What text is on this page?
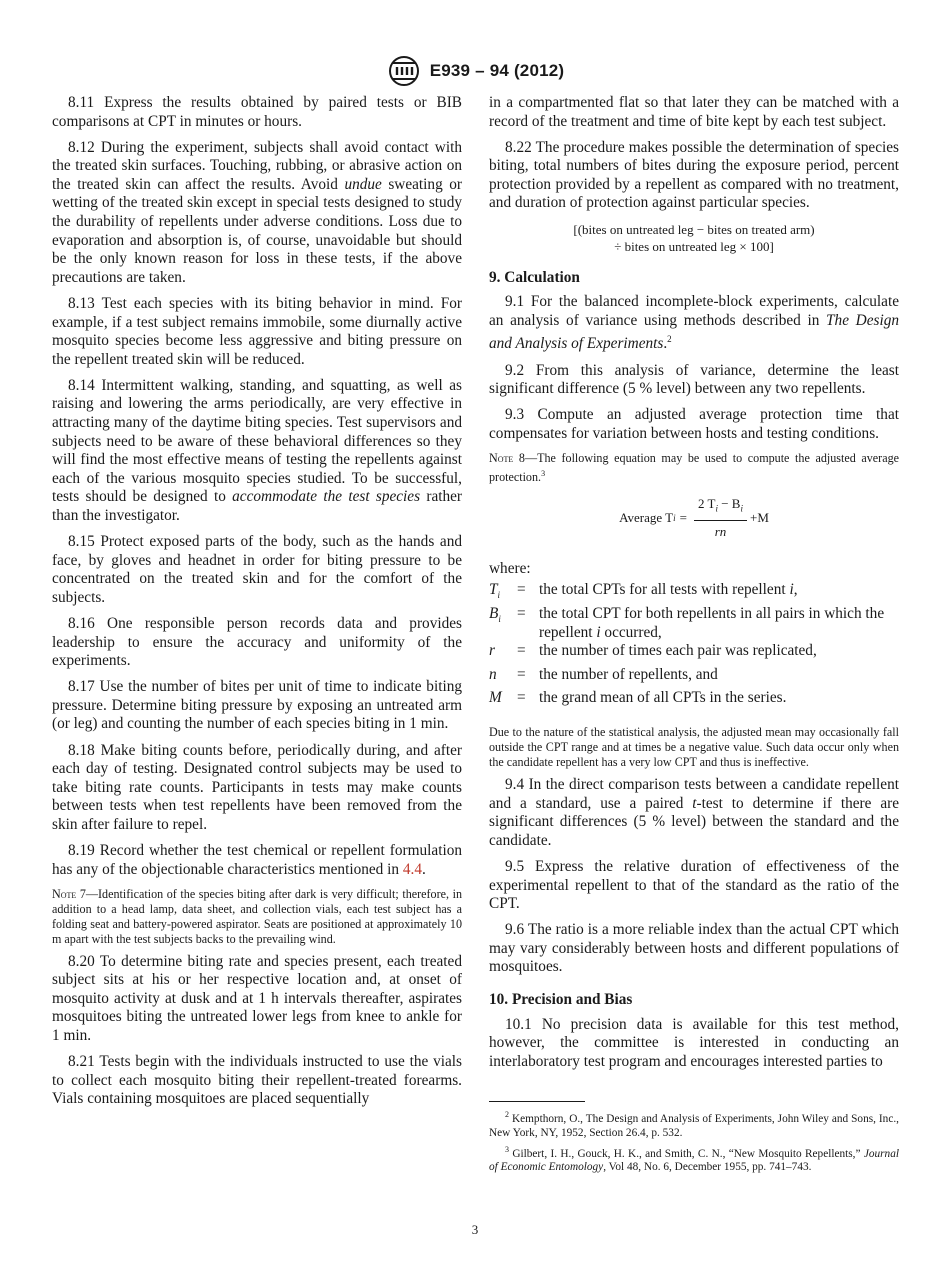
E939 – 94 (2012)

8.11 Express the results obtained by paired tests or BIB comparisons at CPT in minutes or hours.

8.12 During the experiment, subjects shall avoid contact with the treated skin surfaces. Touching, rubbing, or abrasive action on the treated skin can affect the results. Avoid undue sweating or wetting of the treated skin except in special tests designed to study the durability of repellents under adverse conditions. Loss due to evaporation and absorption is, of course, unavoidable but should be the only known reason for loss in these tests, if the above precautions are taken.

8.13 Test each species with its biting behavior in mind. For example, if a test subject remains immobile, some diurnally active mosquito species become less aggressive and biting pressure on the repellent treated skin will be reduced.

8.14 Intermittent walking, standing, and squatting, as well as raising and lowering the arms periodically, are very effective in attracting many of the daytime biting species. Test supervisors and subjects need to be aware of these behavioral differences so they will find the most effective means of testing the repellents against each of the various mosquito species studied. To be successful, tests should be designed to accommodate the test species rather than the investigator.

8.15 Protect exposed parts of the body, such as the hands and face, by gloves and headnet in order for biting pressure to be concentrated on the treated skin and for the comfort of the subjects.

8.16 One responsible person records data and provides leadership to ensure the accuracy and uniformity of the experiments.

8.17 Use the number of bites per unit of time to indicate biting pressure. Determine biting pressure by exposing an untreated arm (or leg) and counting the number of each species biting in 1 min.

8.18 Make biting counts before, periodically during, and after each day of testing. Designated control subjects may be used to take biting rate counts. Participants in tests may make counts between tests when test repellents have been removed from the skin after failure to repel.

8.19 Record whether the test chemical or repellent formulation has any of the objectionable characteristics mentioned in 4.4.

Note 7—Identification of the species biting after dark is very difficult; therefore, in addition to a head lamp, data sheet, and collection vials, each test subject has a folding seat and battery-powered aspirator. Seats are positioned at approximately 10 m apart with the test subjects backs to the prevailing wind.

8.20 To determine biting rate and species present, each treated subject sits at his or her respective location and, at onset of mosquito activity at dusk and at 1 h intervals thereafter, aspirates mosquitoes biting the untreated lower legs from knee to ankle for 1 min.

8.21 Tests begin with the individuals instructed to use the vials to collect each mosquito biting their repellent-treated forearms. Vials containing mosquitoes are placed sequentially

in a compartmented flat so that later they can be matched with a record of the treatment and time of bite kept by each test subject.

8.22 The procedure makes possible the determination of species biting, total numbers of bites during the exposure period, percent protection provided by a repellent as compared with no treatment, and duration of protection against particular species.

[(bites on untreated leg − bites on treated arm)
÷ bites on untreated leg × 100]
9. Calculation

9.1 For the balanced incomplete-block experiments, calculate an analysis of variance using methods described in The Design and Analysis of Experiments.$^2$

9.2 From this analysis of variance, determine the least significant difference (5 % level) between any two repellents.

9.3 Compute an adjusted average protection time that compensates for variation between hosts and testing conditions.

Note 8—The following equation may be used to compute the adjusted average protection.$^3$

Average T $i = \frac{2 T_i - B_i}{rn} +M$

where:

$T_i$	=	the total CPTs for all tests with repellent i,
$B_i$	=	the total CPT for both repellents in all pairs in which the repellent i occurred,
r	=	the number of times each pair was replicated,
n	=	the number of repellents, and
M	=	the grand mean of all CPTs in the series.

Due to the nature of the statistical analysis, the adjusted mean may occasionally fall outside the CPT range and at times be a negative value. Such data occur only when the candidate repellent has a very low CPT and thus is ineffective.

9.4 In the direct comparison tests between a candidate repellent and a standard, use a paired t-test to determine if there are significant differences (5 % level) between the standard and the candidate.

9.5 Express the relative duration of effectiveness of the experimental repellent to that of the standard as the ratio of the CPT.

9.6 The ratio is a more reliable index than the actual CPT which may vary considerably between hosts and different populations of mosquitoes.

10. Precision and Bias

10.1 No precision data is available for this test method, however, the committee is interested in conducting an interlaboratory test program and encourages interested parties to

$^2$ Kempthorn, O., The Design and Analysis of Experiments, John Wiley and Sons, Inc., New York, NY, 1952, Section 26.4, p. 532.

$^3$ Gilbert, I. H., Gouck, H. K., and Smith, C. N., “New Mosquito Repellents,” Journal of Economic Entomology, Vol 48, No. 6, December 1955, pp. 741–743.

3
